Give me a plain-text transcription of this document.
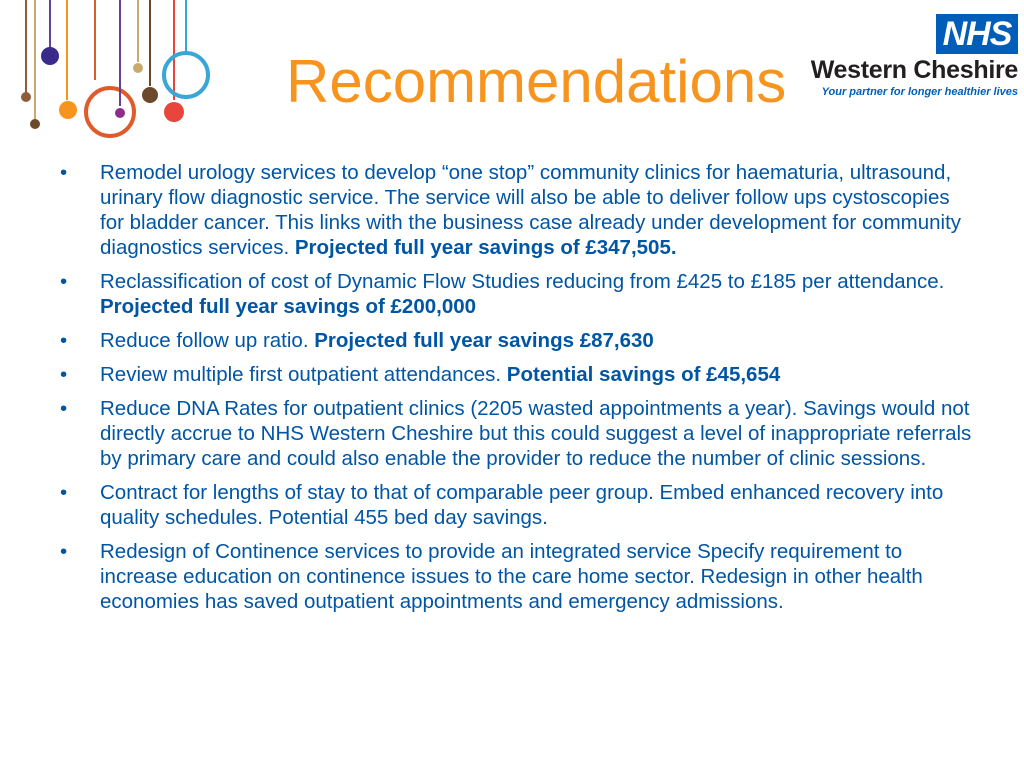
Recommendations
NHS
Western Cheshire
Your partner for longer healthier lives
•	Remodel urology services to develop “one stop” community clinics for haematuria, ultrasound, urinary flow diagnostic service. The service will also be able to deliver follow ups cystoscopies for bladder cancer. This links with the business case already under development for community diagnostics services. Projected full year savings of £347,505.
•	Reclassification of cost of Dynamic Flow Studies reducing from £425 to £185 per attendance. Projected full year savings of £200,000
•	Reduce follow up ratio. Projected full year savings £87,630
•	Review multiple first outpatient attendances. Potential savings of £45,654
•	Reduce DNA Rates for outpatient clinics (2205 wasted appointments a year). Savings would not directly accrue to NHS Western Cheshire but this could suggest a level of inappropriate referrals by primary care and could also enable the provider to reduce the number of clinic sessions.
•	Contract for lengths of stay to that of comparable peer group. Embed enhanced recovery into quality schedules. Potential 455 bed day savings.
•	Redesign of Continence services to provide an integrated service Specify requirement to increase education on continence issues to the care home sector. Redesign in other health economies has saved outpatient appointments and emergency admissions.
